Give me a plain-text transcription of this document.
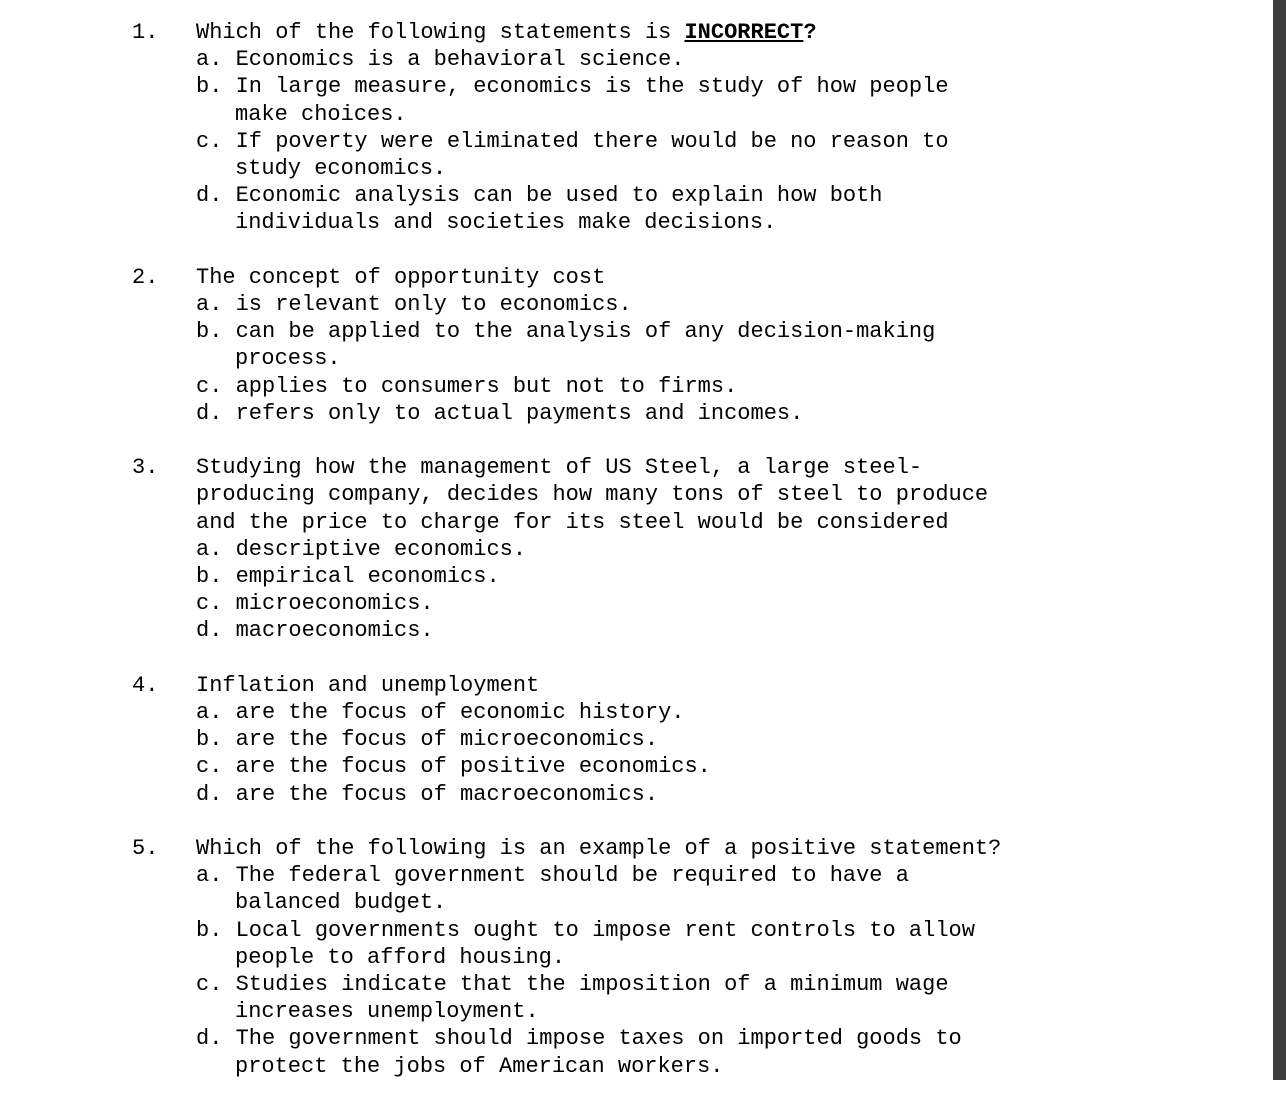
1. Which of the following statements is INCORRECT?
a. Economics is a behavioral science.
b. In large measure, economics is the study of how people
make choices.
c. If poverty were eliminated there would be no reason to
study economics.
d. Economic analysis can be used to explain how both
individuals and societies make decisions.
2. The concept of opportunity cost
a. is relevant only to economics.
b. can be applied to the analysis of any decision-making
process.
c. applies to consumers but not to firms.
d. refers only to actual payments and incomes.
3. Studying how the management of US Steel, a large steel-
producing company, decides how many tons of steel to produce
and the price to charge for its steel would be considered
a. descriptive economics.
b. empirical economics.
c. microeconomics.
d. macroeconomics.
4. Inflation and unemployment
a. are the focus of economic history.
b. are the focus of microeconomics.
c. are the focus of positive economics.
d. are the focus of macroeconomics.
5. Which of the following is an example of a positive statement?
a. The federal government should be required to have a
balanced budget.
b. Local governments ought to impose rent controls to allow
people to afford housing.
c. Studies indicate that the imposition of a minimum wage
increases unemployment.
d. The government should impose taxes on imported goods to
protect the jobs of American workers.
